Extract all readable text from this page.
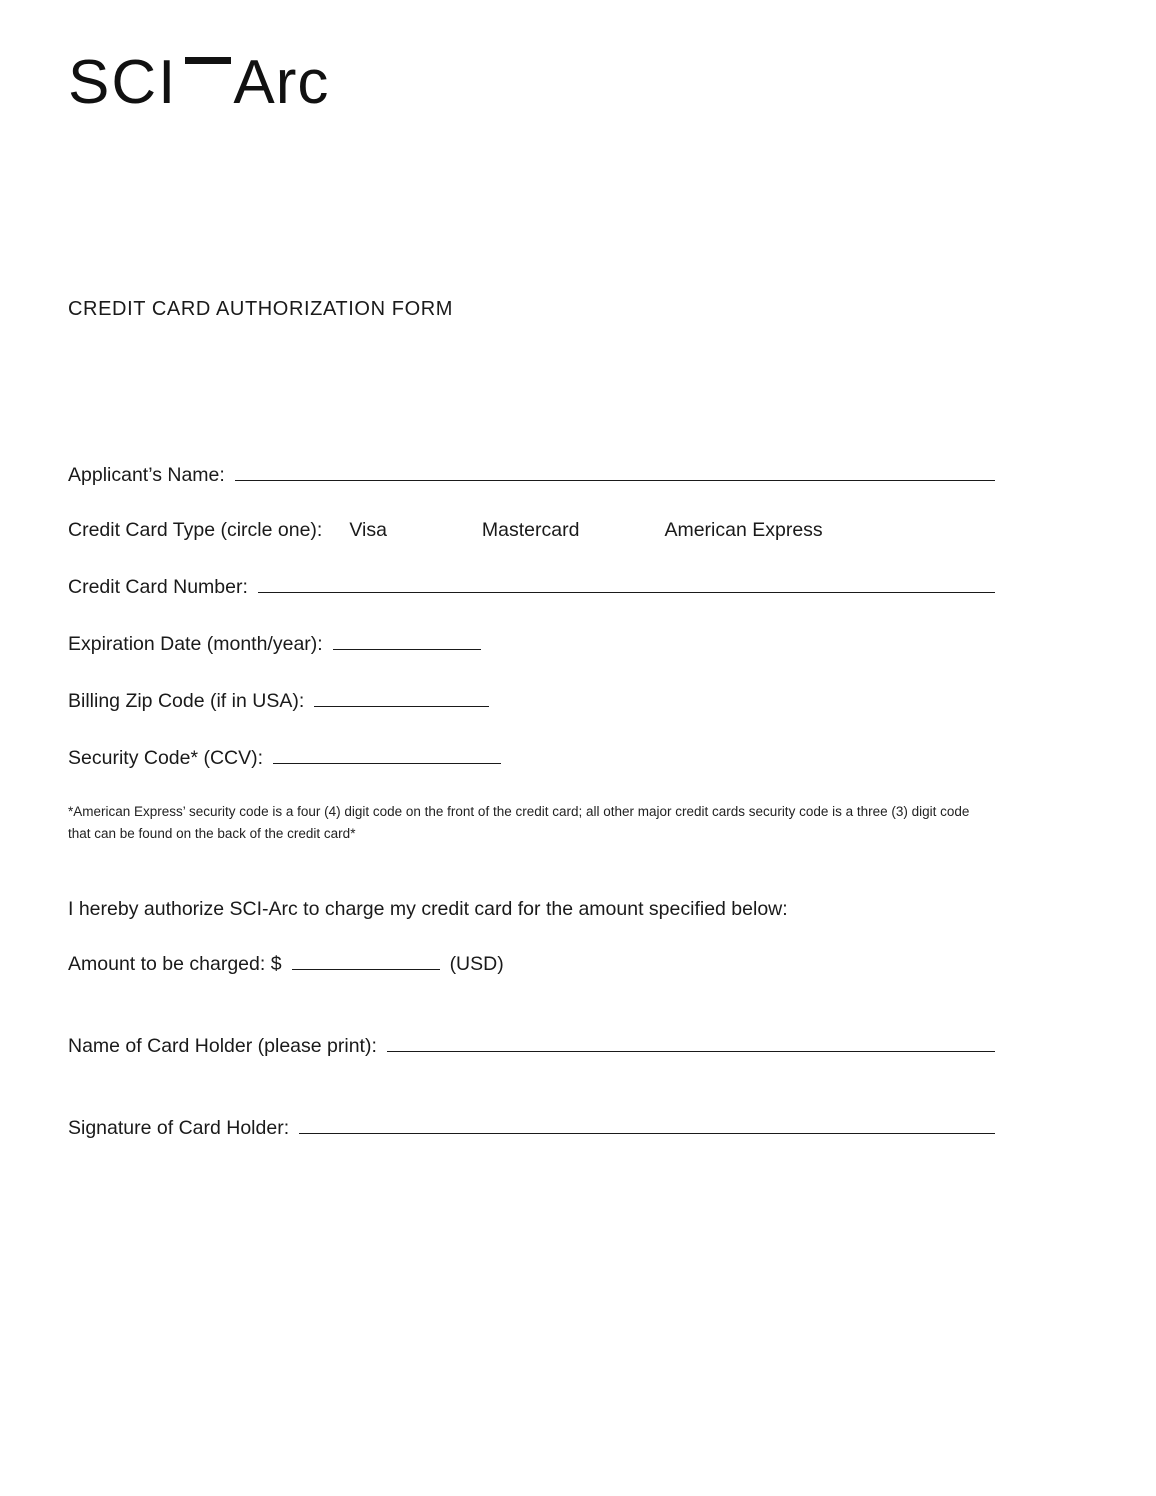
SCI Arc
CREDIT CARD AUTHORIZATION FORM
Applicant’s Name:
Credit Card Type (circle one): Visa	Mastercard	American Express
Credit Card Number:
Expiration Date (month/year):
Billing Zip Code (if in USA):
Security Code* (CCV):

*American Express’ security code is a four (4) digit code on the front of the credit card; all other major credit cards security code is a three (3) digit code that can be found on the back of the credit card*

I hereby authorize SCI-Arc to charge my credit card for the amount specified below:

Amount to be charged: $	(USD)
Name of Card Holder (please print):
Signature of Card Holder:
